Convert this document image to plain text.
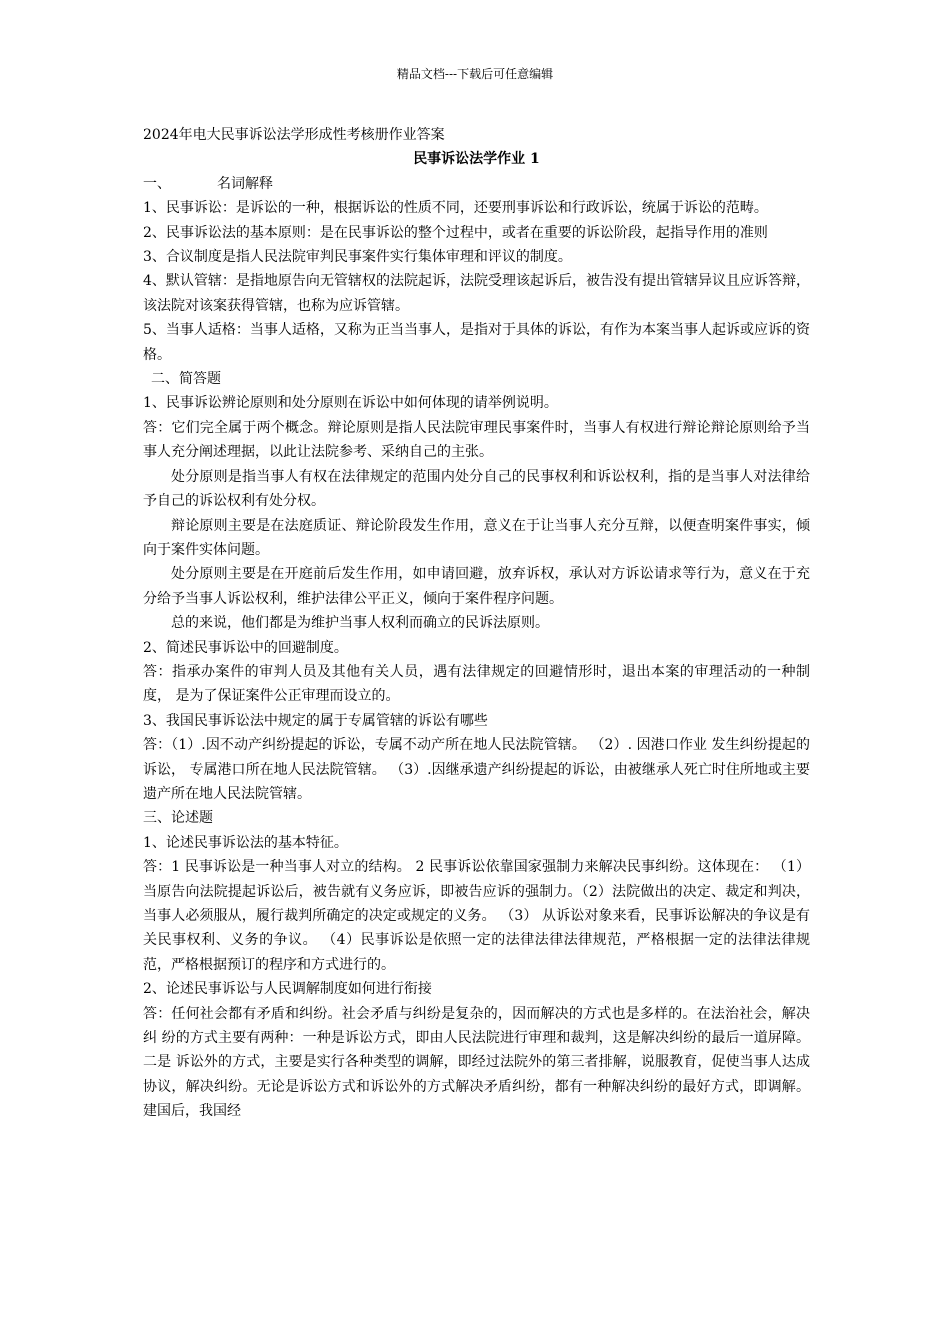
精品文档---下载后可任意编辑

2024年电大民事诉讼法学形成性考核册作业答案

民事诉讼法学作业 1

一、	名词解释

1、民事诉讼：是诉讼的一种，根据诉讼的性质不同，还要刑事诉讼和行政诉讼，统属于诉讼的范畴。

2、民事诉讼法的基本原则：是在民事诉讼的整个过程中，或者在重要的诉讼阶段，起指导作用的准则

3、合议制度是指人民法院审判民事案件实行集体审理和评议的制度。

4、默认管辖：是指地原告向无管辖权的法院起诉，法院受理该起诉后，被告没有提出管辖异议且应诉答辩，该法院对该案获得管辖，也称为应诉管辖。

5、当事人适格：当事人适格，又称为正当当事人，是指对于具体的诉讼，有作为本案当事人起诉或应诉的资格。

二、简答题

1、民事诉讼辨论原则和处分原则在诉讼中如何体现的请举例说明。

答：它们完全属于两个概念。辩论原则是指人民法院审理民事案件时，当事人有权进行辩论辩论原则给予当事人充分阐述理据，以此让法院参考、采纳自己的主张。

处分原则是指当事人有权在法律规定的范围内处分自己的民事权利和诉讼权利，指的是当事人对法律给予自己的诉讼权利有处分权。

辩论原则主要是在法庭质证、辩论阶段发生作用，意义在于让当事人充分互辩，以便查明案件事实，倾向于案件实体问题。

处分原则主要是在开庭前后发生作用，如申请回避，放弃诉权，承认对方诉讼请求等行为，意义在于充分给予当事人诉讼权利，维护法律公平正义，倾向于案件程序问题。

总的来说，他们都是为维护当事人权利而确立的民诉法原则。

2、简述民事诉讼中的回避制度。

答：指承办案件的审判人员及其他有关人员，遇有法律规定的回避情形时，退出本案的审理活动的一种制度， 是为了保证案件公正审理而设立的。

3、我国民事诉讼法中规定的属于专属管辖的诉讼有哪些

答：（1）.因不动产纠纷提起的诉讼，专属不动产所在地人民法院管辖。 （2）. 因港口作业 发生纠纷提起的诉讼， 专属港口所在地人民法院管辖。 （3）.因继承遗产纠纷提起的诉讼，由被继承人死亡时住所地或主要遗产所在地人民法院管辖。

三、论述题

1、论述民事诉讼法的基本特征。

答：1 民事诉讼是一种当事人对立的结构。 2 民事诉讼依靠国家强制力来解决民事纠纷。这体现在： （1）当原告向法院提起诉讼后，被告就有义务应诉，即被告应诉的强制力。（2）法院做出的决定、裁定和判决，当事人必须服从，履行裁判所确定的决定或规定的义务。 （3） 从诉讼对象来看，民事诉讼解决的争议是有关民事权利、义务的争议。 （4）民事诉讼是依照一定的法律法律法律规范，严格根据一定的法律法律规范，严格根据预订的程序和方式进行的。

2、论述民事诉讼与人民调解制度如何进行衔接

答：任何社会都有矛盾和纠纷。社会矛盾与纠纷是复杂的，因而解决的方式也是多样的。在法治社会，解决纠 纷的方式主要有两种：一种是诉讼方式，即由人民法院进行审理和裁判，这是解决纠纷的最后一道屏障。二是 诉讼外的方式，主要是实行各种类型的调解，即经过法院外的第三者排解，说服教育，促使当事人达成协议，解决纠纷。无论是诉讼方式和诉讼外的方式解决矛盾纠纷，都有一种解决纠纷的最好方式，即调解。建国后，我国经
